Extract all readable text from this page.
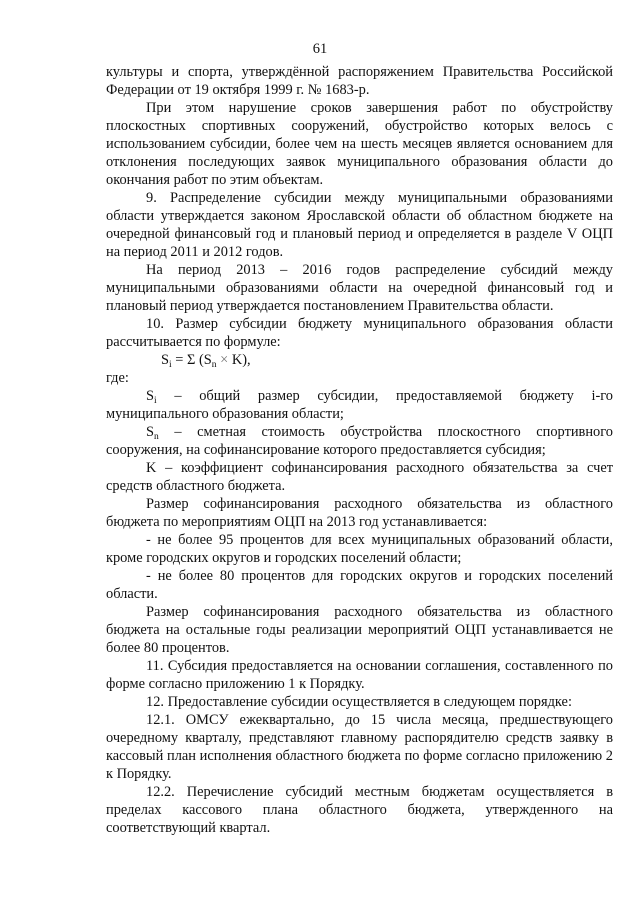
61

культуры и спорта, утверждённой распоряжением Правительства Российской Федерации от 19 октября 1999 г. № 1683-р.

При этом нарушение сроков завершения работ по обустройству плоскостных спортивных сооружений, обустройство которых велось с использованием субсидии, более чем на шесть месяцев является основанием для отклонения последующих заявок муниципального образования области до окончания работ по этим объектам.

9. Распределение субсидии между муниципальными образованиями области утверждается законом Ярославской области об областном бюджете на очередной финансовый год и плановый период и определяется в разделе V ОЦП на период 2011 и 2012 годов.

На период 2013 – 2016 годов распределение субсидий между муниципальными образованиями области на очередной финансовый год и плановый период утверждается постановлением Правительства области.

10. Размер субсидии бюджету муниципального образования области рассчитывается по формуле:

$S_i = \Sigma$ $(S_n \times K)$,

где:

$S_i$ – общий размер субсидии, предоставляемой бюджету i-го муниципального образования области;

$S_n$ – сметная стоимость обустройства плоскостного спортивного сооружения, на софинансирование которого предоставляется субсидия;

K – коэффициент софинансирования расходного обязательства за счет средств областного бюджета.

Размер софинансирования расходного обязательства из областного бюджета по мероприятиям ОЦП на 2013 год устанавливается:

- не более 95 процентов для всех муниципальных образований области, кроме городских округов и городских поселений области;

- не более 80 процентов для городских округов и городских поселений области.

Размер софинансирования расходного обязательства из областного бюджета на остальные годы реализации мероприятий ОЦП устанавливается не более 80 процентов.

11. Субсидия предоставляется на основании соглашения, составленного по форме согласно приложению 1 к Порядку.

12. Предоставление субсидии осуществляется в следующем порядке:

12.1. ОМСУ ежеквартально, до 15 числа месяца, предшествующего очередному кварталу, представляют главному распорядителю средств заявку в кассовый план исполнения областного бюджета по форме согласно приложению 2 к Порядку.

12.2. Перечисление субсидий местным бюджетам осуществляется в пределах кассового плана областного бюджета, утвержденного на соответствующий квартал.
